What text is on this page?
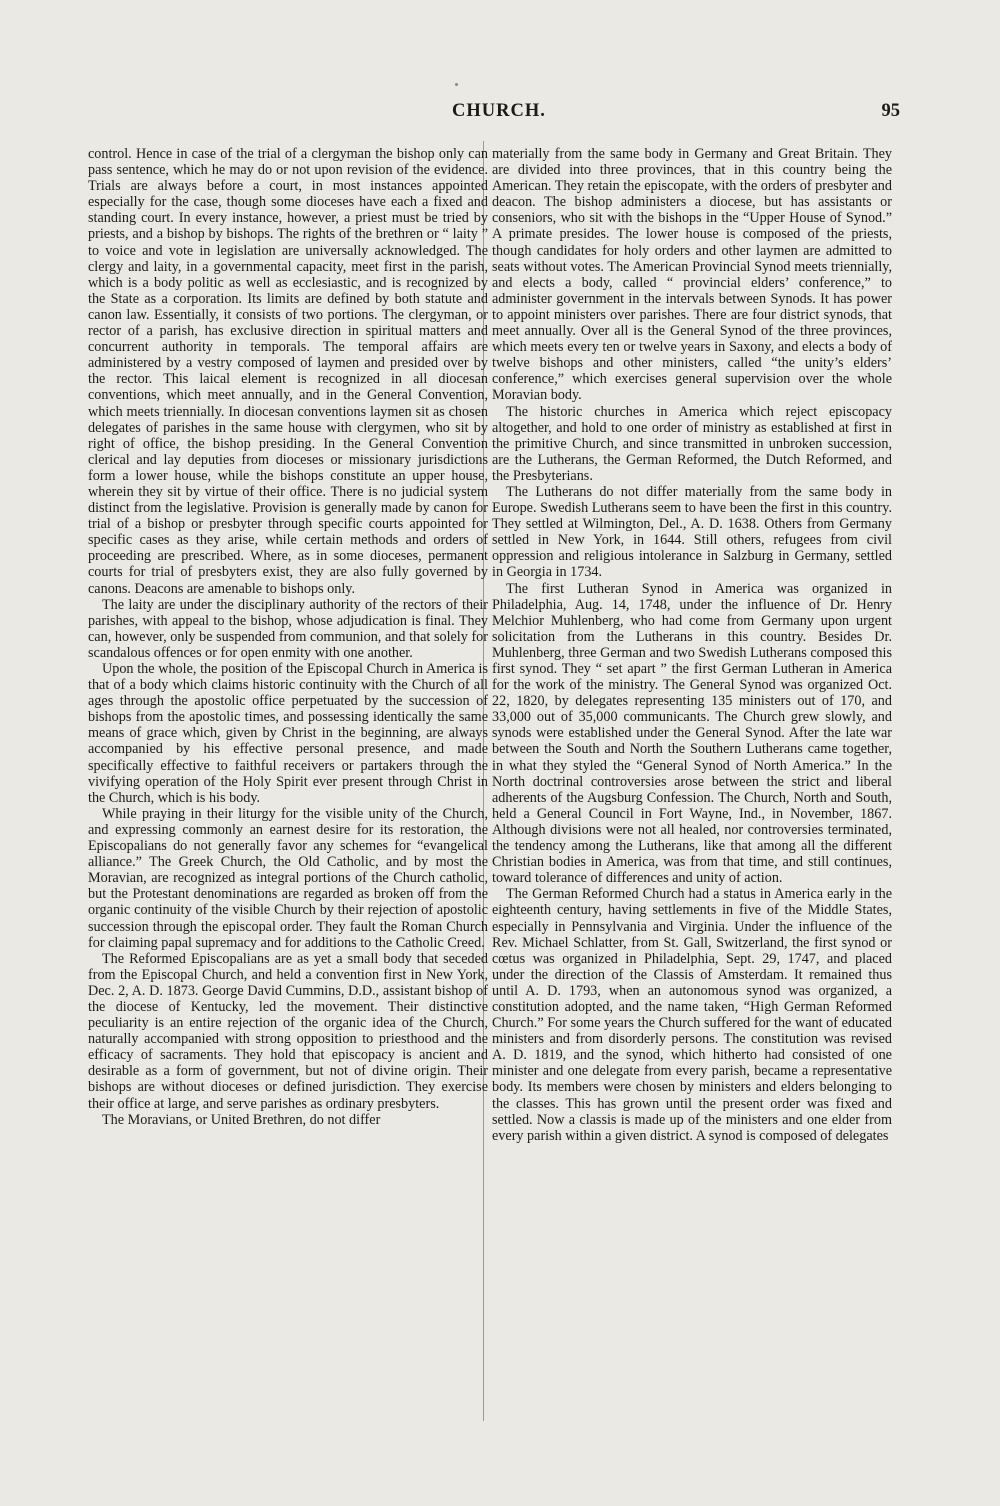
CHURCH.	95

control. Hence in case of the trial of a clergyman the bishop only can pass sentence, which he may do or not upon revision of the evidence. Trials are always before a court, in most instances appointed especially for the case, though some dioceses have each a fixed and standing court. In every instance, however, a priest must be tried by priests, and a bishop by bishops. The rights of the brethren or “ laity ” to voice and vote in legislation are universally acknowledged. The clergy and laity, in a governmental capacity, meet first in the parish, which is a body politic as well as ecclesiastic, and is recognized by the State as a corporation. Its limits are defined by both statute and canon law. Essentially, it consists of two portions. The clergyman, or rector of a parish, has exclusive direction in spiritual matters and concurrent authority in temporals. The temporal affairs are administered by a vestry composed of laymen and presided over by the rector. This laical element is recognized in all diocesan conventions, which meet annually, and in the General Convention, which meets triennially. In diocesan conventions laymen sit as chosen delegates of parishes in the same house with clergymen, who sit by right of office, the bishop presiding. In the General Convention clerical and lay deputies from dioceses or missionary jurisdictions form a lower house, while the bishops constitute an upper house, wherein they sit by virtue of their office. There is no judicial system distinct from the legislative. Provision is generally made by canon for trial of a bishop or presbyter through specific courts appointed for specific cases as they arise, while certain methods and orders of proceeding are prescribed. Where, as in some dioceses, permanent courts for trial of presbyters exist, they are also fully governed by canons. Deacons are amenable to bishops only.

The laity are under the disciplinary authority of the rectors of their parishes, with appeal to the bishop, whose adjudication is final. They can, however, only be suspended from communion, and that solely for scandalous offences or for open enmity with one another.

Upon the whole, the position of the Episcopal Church in America is that of a body which claims historic continuity with the Church of all ages through the apostolic office perpetuated by the succession of bishops from the apostolic times, and possessing identically the same means of grace which, given by Christ in the beginning, are always accompanied by his effective personal presence, and made specifically effective to faithful receivers or partakers through the vivifying operation of the Holy Spirit ever present through Christ in the Church, which is his body.

While praying in their liturgy for the visible unity of the Church, and expressing commonly an earnest desire for its restoration, the Episcopalians do not generally favor any schemes for “evangelical alliance.” The Greek Church, the Old Catholic, and by most the Moravian, are recognized as integral portions of the Church catholic, but the Protestant denominations are regarded as broken off from the organic continuity of the visible Church by their rejection of apostolic succession through the episcopal order. They fault the Roman Church for claiming papal supremacy and for additions to the Catholic Creed.

The Reformed Episcopalians are as yet a small body that seceded from the Episcopal Church, and held a convention first in New York, Dec. 2, A. D. 1873. George David Cummins, D.D., assistant bishop of the diocese of Kentucky, led the movement. Their distinctive peculiarity is an entire rejection of the organic idea of the Church, naturally accompanied with strong opposition to priesthood and the efficacy of sacraments. They hold that episcopacy is ancient and desirable as a form of government, but not of divine origin. Their bishops are without dioceses or defined jurisdiction. They exercise their office at large, and serve parishes as ordinary presbyters.

The Moravians, or United Brethren, do not differ

materially from the same body in Germany and Great Britain. They are divided into three provinces, that in this country being the American. They retain the episcopate, with the orders of presbyter and deacon. The bishop administers a diocese, but has assistants or conseniors, who sit with the bishops in the “Upper House of Synod.” A primate presides. The lower house is composed of the priests, though candidates for holy orders and other laymen are admitted to seats without votes. The American Provincial Synod meets triennially, and elects a body, called “ provincial elders’ conference,” to administer government in the intervals between Synods. It has power to appoint ministers over parishes. There are four district synods, that meet annually. Over all is the General Synod of the three provinces, which meets every ten or twelve years in Saxony, and elects a body of twelve bishops and other ministers, called “the unity’s elders’ conference,” which exercises general supervision over the whole Moravian body.

The historic churches in America which reject episcopacy altogether, and hold to one order of ministry as established at first in the primitive Church, and since transmitted in unbroken succession, are the Lutherans, the German Reformed, the Dutch Reformed, and the Presbyterians.

The Lutherans do not differ materially from the same body in Europe. Swedish Lutherans seem to have been the first in this country. They settled at Wilmington, Del., A. D. 1638. Others from Germany settled in New York, in 1644. Still others, refugees from civil oppression and religious intolerance in Salzburg in Germany, settled in Georgia in 1734.

The first Lutheran Synod in America was organized in Philadelphia, Aug. 14, 1748, under the influence of Dr. Henry Melchior Muhlenberg, who had come from Germany upon urgent solicitation from the Lutherans in this country. Besides Dr. Muhlenberg, three German and two Swedish Lutherans composed this first synod. They “ set apart ” the first German Lutheran in America for the work of the ministry. The General Synod was organized Oct. 22, 1820, by delegates representing 135 ministers out of 170, and 33,000 out of 35,000 communicants. The Church grew slowly, and synods were established under the General Synod. After the late war between the South and North the Southern Lutherans came together, in what they styled the “General Synod of North America.” In the North doctrinal controversies arose between the strict and liberal adherents of the Augsburg Confession. The Church, North and South, held a General Council in Fort Wayne, Ind., in November, 1867. Although divisions were not all healed, nor controversies terminated, the tendency among the Lutherans, like that among all the different Christian bodies in America, was from that time, and still continues, toward tolerance of differences and unity of action.

The German Reformed Church had a status in America early in the eighteenth century, having settlements in five of the Middle States, especially in Pennsylvania and Virginia. Under the influence of the Rev. Michael Schlatter, from St. Gall, Switzerland, the first synod or cœtus was organized in Philadelphia, Sept. 29, 1747, and placed under the direction of the Classis of Amsterdam. It remained thus until A. D. 1793, when an autonomous synod was organized, a constitution adopted, and the name taken, “High German Reformed Church.” For some years the Church suffered for the want of educated ministers and from disorderly persons. The constitution was revised A. D. 1819, and the synod, which hitherto had consisted of one minister and one delegate from every parish, became a representative body. Its members were chosen by ministers and elders belonging to the classes. This has grown until the present order was fixed and settled. Now a classis is made up of the ministers and one elder from every parish within a given district. A synod is composed of delegates
